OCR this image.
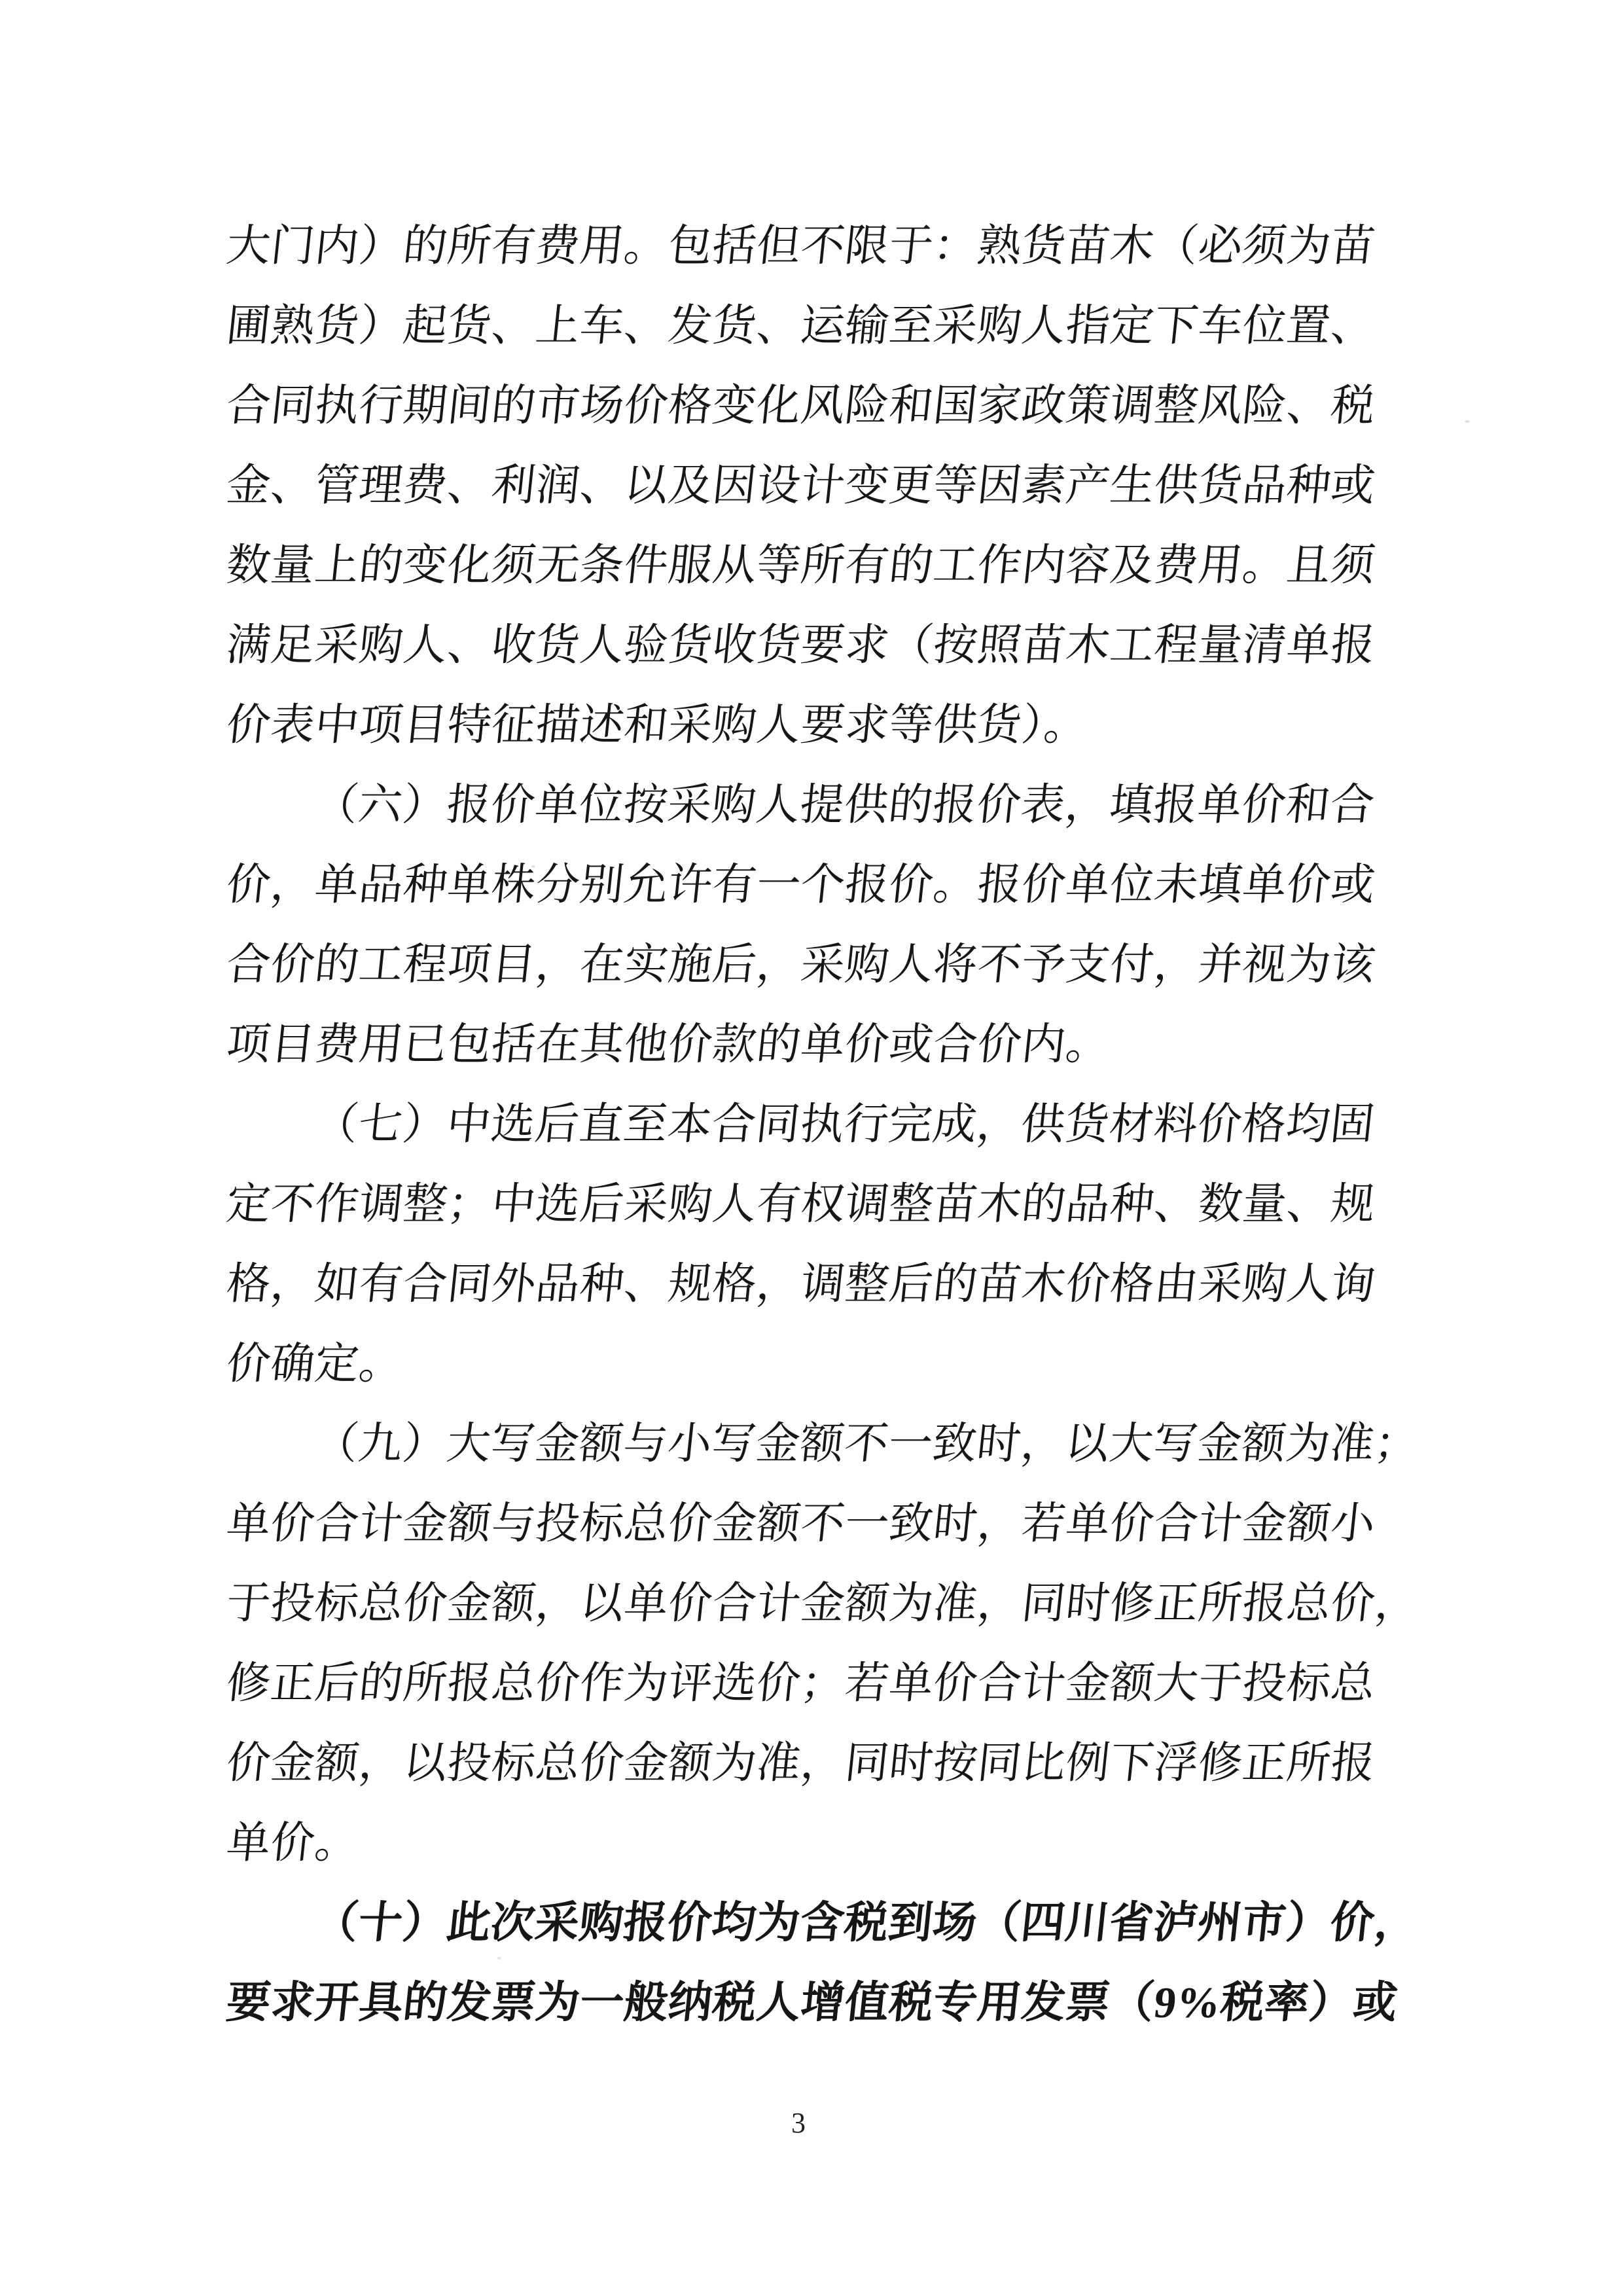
大门内）的所有费用。包括但不限于：熟货苗木（必须为苗
圃熟货）起货、上车、发货、运输至采购人指定下车位置、
合同执行期间的市场价格变化风险和国家政策调整风险、税
金、管理费、利润、以及因设计变更等因素产生供货品种或
数量上的变化须无条件服从等所有的工作内容及费用。且须
满足采购人、收货人验货收货要求（按照苗木工程量清单报
价表中项目特征描述和采购人要求等供货）。
（六）报价单位按采购人提供的报价表，填报单价和合
价，单品种单株分别允许有一个报价。报价单位未填单价或
合价的工程项目，在实施后，采购人将不予支付，并视为该
项目费用已包括在其他价款的单价或合价内。
（七）中选后直至本合同执行完成，供货材料价格均固
定不作调整；中选后采购人有权调整苗木的品种、数量、规
格，如有合同外品种、规格，调整后的苗木价格由采购人询
价确定。
（九）大写金额与小写金额不一致时，以大写金额为准；
单价合计金额与投标总价金额不一致时，若单价合计金额小
于投标总价金额，以单价合计金额为准，同时修正所报总价，
修正后的所报总价作为评选价；若单价合计金额大于投标总
价金额，以投标总价金额为准，同时按同比例下浮修正所报
单价。
（十）此次采购报价均为含税到场（四川省泸州市）价，
要求开具的发票为一般纳税人增值税专用发票（9%税率）或
3
